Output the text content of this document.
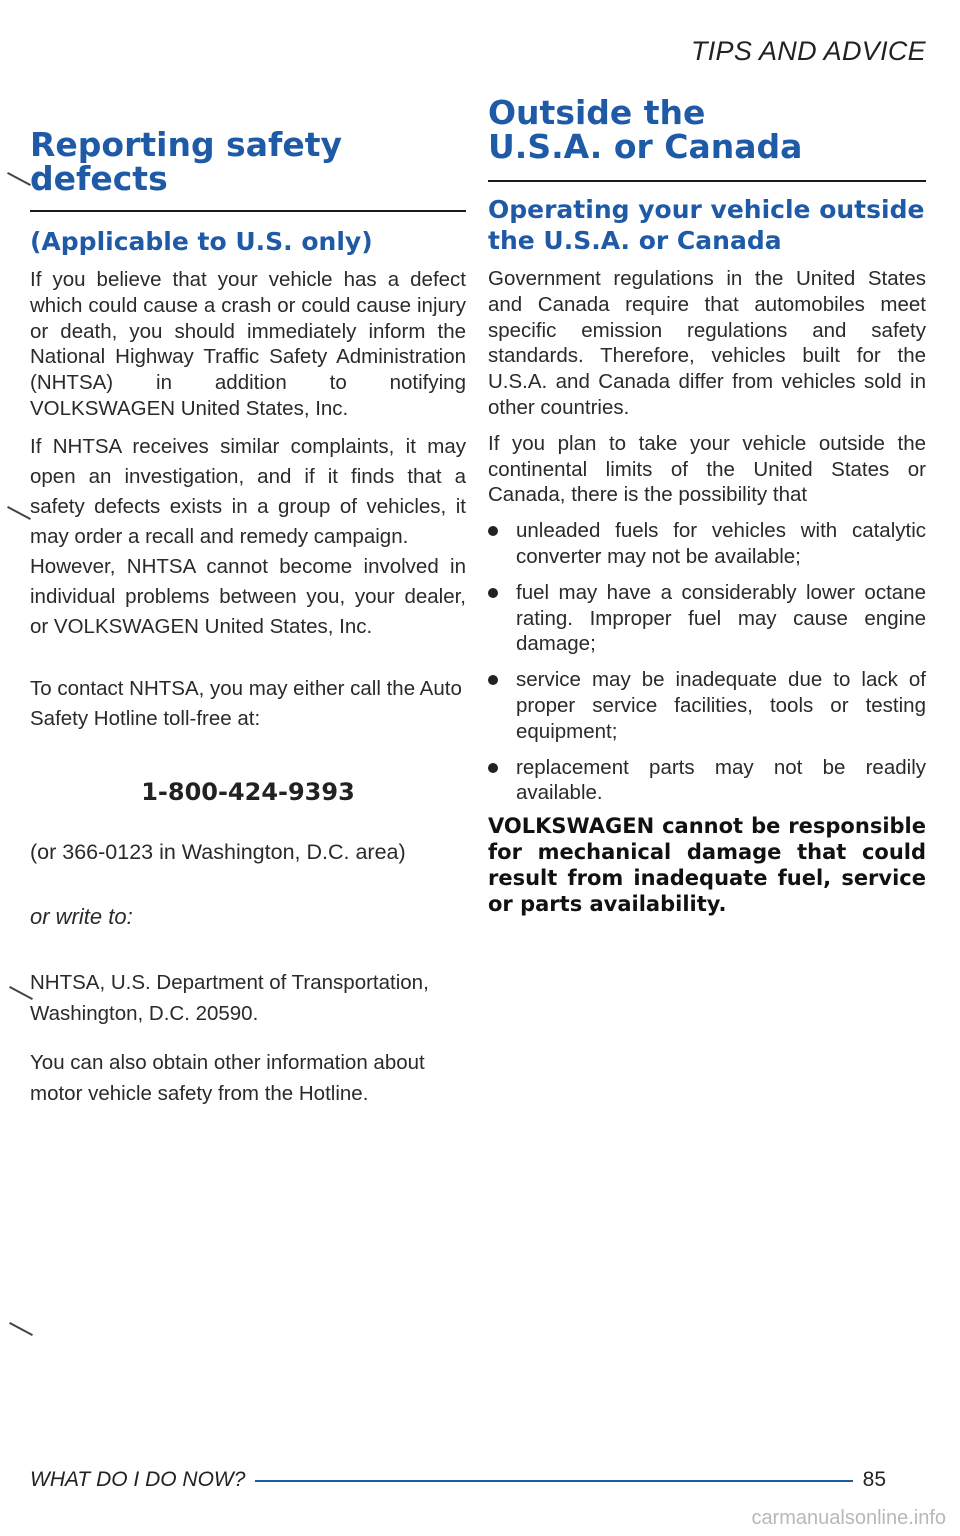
TIPS AND ADVICE
Reporting safety defects
(Applicable to U.S. only)

If you believe that your vehicle has a defect which could cause a crash or could cause injury or death, you should immediately inform the National Highway Traffic Safety Administration (NHTSA) in addition to notifying VOLKSWAGEN United States, Inc.

If NHTSA receives similar complaints, it may open an investigation, and if it finds that a safety defects exists in a group of vehicles, it may order a recall and remedy campaign.

However, NHTSA cannot become involved in individual problems between you, your dealer, or VOLKSWAGEN United States, Inc.

To contact NHTSA, you may either call the Auto Safety Hotline toll-free at:

1-800-424-9393

(or 366-0123 in Washington, D.C. area)

or write to:

NHTSA, U.S. Department of Transportation, Washington, D.C. 20590.

You can also obtain other information about motor vehicle safety from the Hotline.

Outside the U.S.A. or Canada
Operating your vehicle outside the U.S.A. or Canada

Government regulations in the United States and Canada require that automobiles meet specific emission regulations and safety standards. Therefore, vehicles built for the U.S.A. and Canada differ from vehicles sold in other countries.

If you plan to take your vehicle outside the continental limits of the United States or Canada, there is the possibility that

unleaded fuels for vehicles with catalytic converter may not be available;
fuel may have a considerably lower octane rating. Improper fuel may cause engine damage;
service may be inadequate due to lack of proper service facilities, tools or testing equipment;
replacement parts may not be readily available.

VOLKSWAGEN cannot be responsible for mechanical damage that could result from inadequate fuel, service or parts availability.

WHAT DO I DO NOW?	85
carmanualsonline.info
